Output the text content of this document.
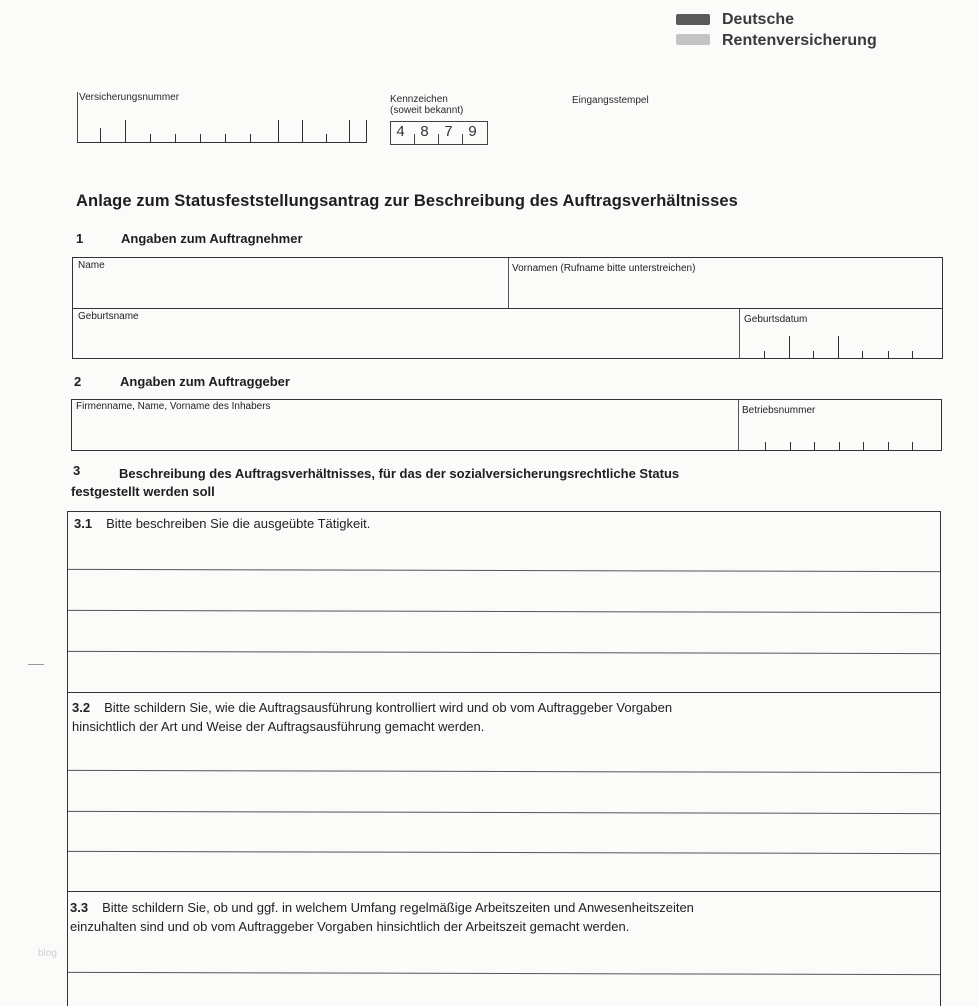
Deutsche
Rentenversicherung
Versicherungsnummer	Kennzeichen
(soweit bekannt)
4 8 7 9
Eingangsstempel
Anlage zum Statusfeststellungsantrag zur Beschreibung des Auftragsverhältnisses
1	Angaben zum Auftragnehmer
Name	Vornamen (Rufname bitte unterstreichen)
Geburtsname	Geburtsdatum
2	Angaben zum Auftraggeber
Firmenname, Name, Vorname des Inhabers	Betriebsnummer
3	Beschreibung des Auftragsverhältnisses, für das der sozialversicherungsrechtliche Status
festgestellt werden soll
3.1 Bitte beschreiben Sie die ausgeübte Tätigkeit.
3.2 Bitte schildern Sie, wie die Auftragsausführung kontrolliert wird und ob vom Auftraggeber Vorgaben
hinsichtlich der Art und Weise der Auftragsausführung gemacht werden.
3.3 Bitte schildern Sie, ob und ggf. in welchem Umfang regelmäßige Arbeitszeiten und Anwesenheitszeiten
einzuhalten sind und ob vom Auftraggeber Vorgaben hinsichtlich der Arbeitszeit gemacht werden.
blog
